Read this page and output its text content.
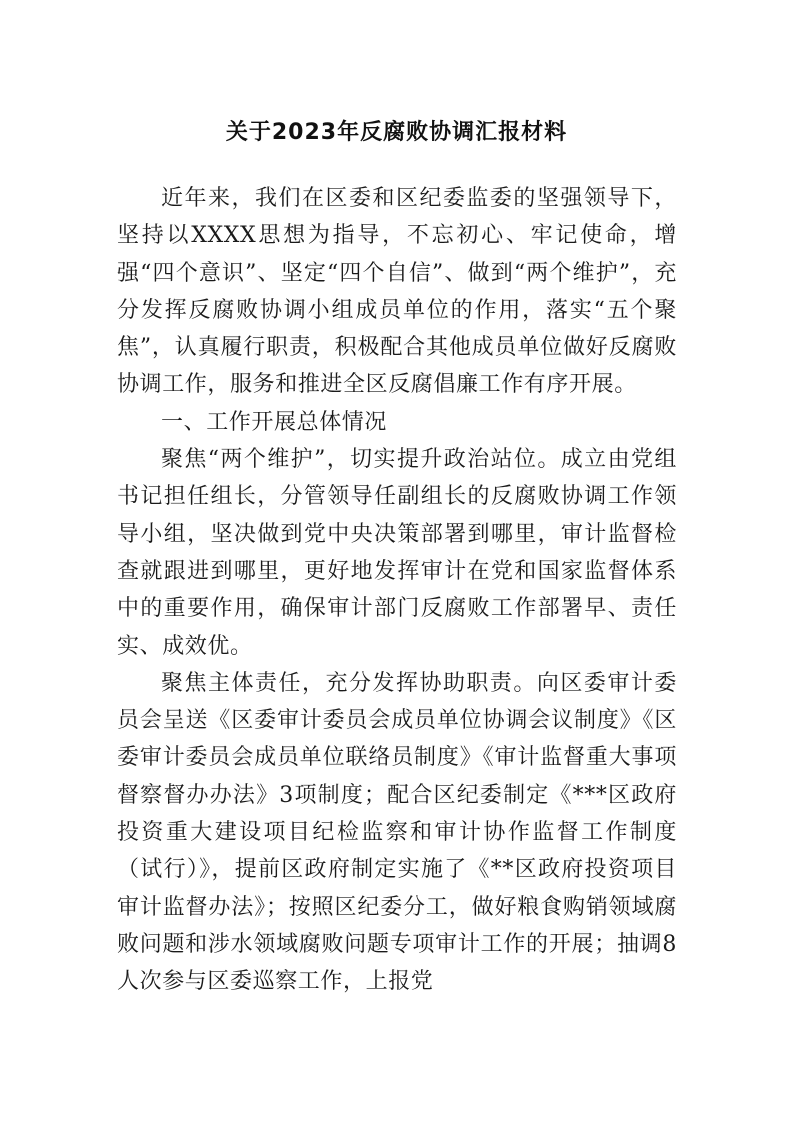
关于2023年反腐败协调汇报材料

近年来，我们在区委和区纪委监委的坚强领导下，坚持以XXXX思想为指导，不忘初心、牢记使命，增强“四个意识”、坚定“四个自信”、做到“两个维护”，充分发挥反腐败协调小组成员单位的作用，落实“五个聚焦”，认真履行职责，积极配合其他成员单位做好反腐败协调工作，服务和推进全区反腐倡廉工作有序开展。

一、工作开展总体情况

聚焦“两个维护”，切实提升政治站位。成立由党组书记担任组长，分管领导任副组长的反腐败协调工作领导小组，坚决做到党中央决策部署到哪里，审计监督检查就跟进到哪里，更好地发挥审计在党和国家监督体系中的重要作用，确保审计部门反腐败工作部署早、责任实、成效优。

聚焦主体责任，充分发挥协助职责。向区委审计委员会呈送《区委审计委员会成员单位协调会议制度》《区委审计委员会成员单位联络员制度》《审计监督重大事项督察督办办法》3项制度；配合区纪委制定《***区政府投资重大建设项目纪检监察和审计协作监督工作制度（试行）》，提前区政府制定实施了《**区政府投资项目审计监督办法》；按照区纪委分工，做好粮食购销领域腐败问题和涉水领域腐败问题专项审计工作的开展；抽调8人次参与区委巡察工作，上报党
